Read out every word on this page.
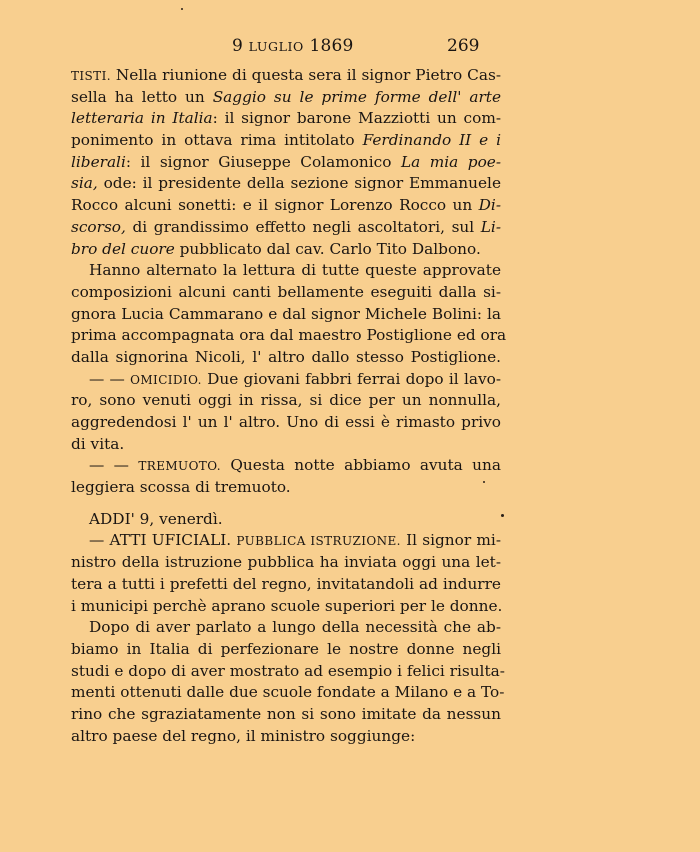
9 LUGLIO 1869	269
TISTI. Nella riunione di questa sera il signor Pietro Cas-
sella ha letto un Saggio su le prime forme dell' arte
letteraria in Italia: il signor barone Mazziotti un com-
ponimento in ottava rima intitolato Ferdinando II e i
liberali: il signor Giuseppe Colamonico La mia poe-
sia, ode: il presidente della sezione signor Emmanuele
Rocco alcuni sonetti: e il signor Lorenzo Rocco un Di-
scorso, di grandissimo effetto negli ascoltatori, sul Li-
bro del cuore pubblicato dal cav. Carlo Tito Dalbono.
Hanno alternato la lettura di tutte queste approvate
composizioni alcuni canti bellamente eseguiti dalla si-
gnora Lucia Cammarano e dal signor Michele Bolini: la
prima accompagnata ora dal maestro Postiglione ed ora
dalla signorina Nicoli, l' altro dallo stesso Postiglione.
— — OMICIDIO. Due giovani fabbri ferrai dopo il lavo-
ro, sono venuti oggi in rissa, si dice per un nonnulla,
aggredendosi l' un l' altro. Uno di essi è rimasto privo
di vita.
— — TREMUOTO. Questa notte abbiamo avuta una
leggiera scossa di tremuoto.
ADDI' 9, venerdì.
— ATTI UFICIALI. PUBBLICA ISTRUZIONE. Il signor mi-
nistro della istruzione pubblica ha inviata oggi una let-
tera a tutti i prefetti del regno, invitatandoli ad indurre
i municipi perchè aprano scuole superiori per le donne.
Dopo di aver parlato a lungo della necessità che ab-
biamo in Italia di perfezionare le nostre donne negli
studi e dopo di aver mostrato ad esempio i felici risulta-
menti ottenuti dalle due scuole fondate a Milano e a To-
rino che sgraziatamente non si sono imitate da nessun
altro paese del regno, il ministro soggiunge:
